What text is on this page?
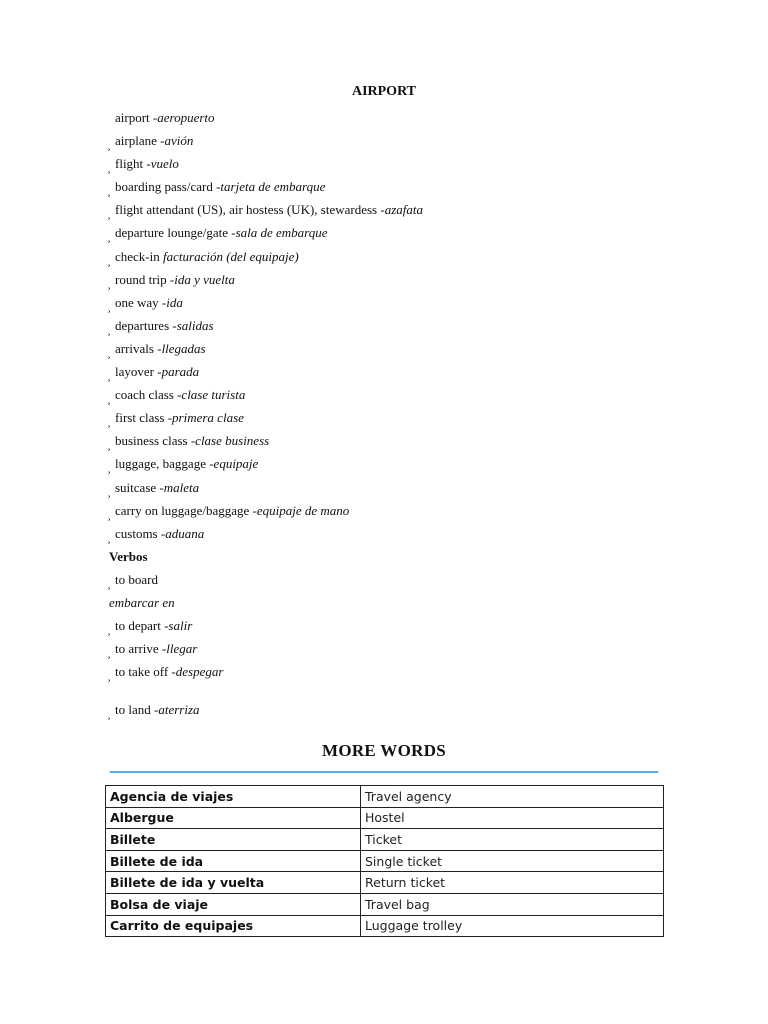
AIRPORT
airport -aeropuerto
airplane -avión
flight -vuelo
boarding pass/card -tarjeta de embarque
flight attendant (US), air hostess (UK), stewardess -azafata
departure lounge/gate -sala de embarque
check-in facturación (del equipaje)
round trip -ida y vuelta
one way -ida
departures -salidas
arrivals -llegadas
layover -parada
coach class -clase turista
first class -primera clase
business class -clase business
luggage, baggage -equipaje
suitcase -maleta
carry on luggage/baggage -equipaje de mano
customs -aduana
Verbos
to board
embarcar en
to depart -salir
to arrive -llegar
to take off -despegar
to land -aterriza
MORE WORDS
Agencia de viajes	Travel agency
Albergue	Hostel
Billete	Ticket
Billete de ida	Single ticket
Billete de ida y vuelta	Return ticket
Bolsa de viaje	Travel bag
Carrito de equipajes	Luggage trolley
